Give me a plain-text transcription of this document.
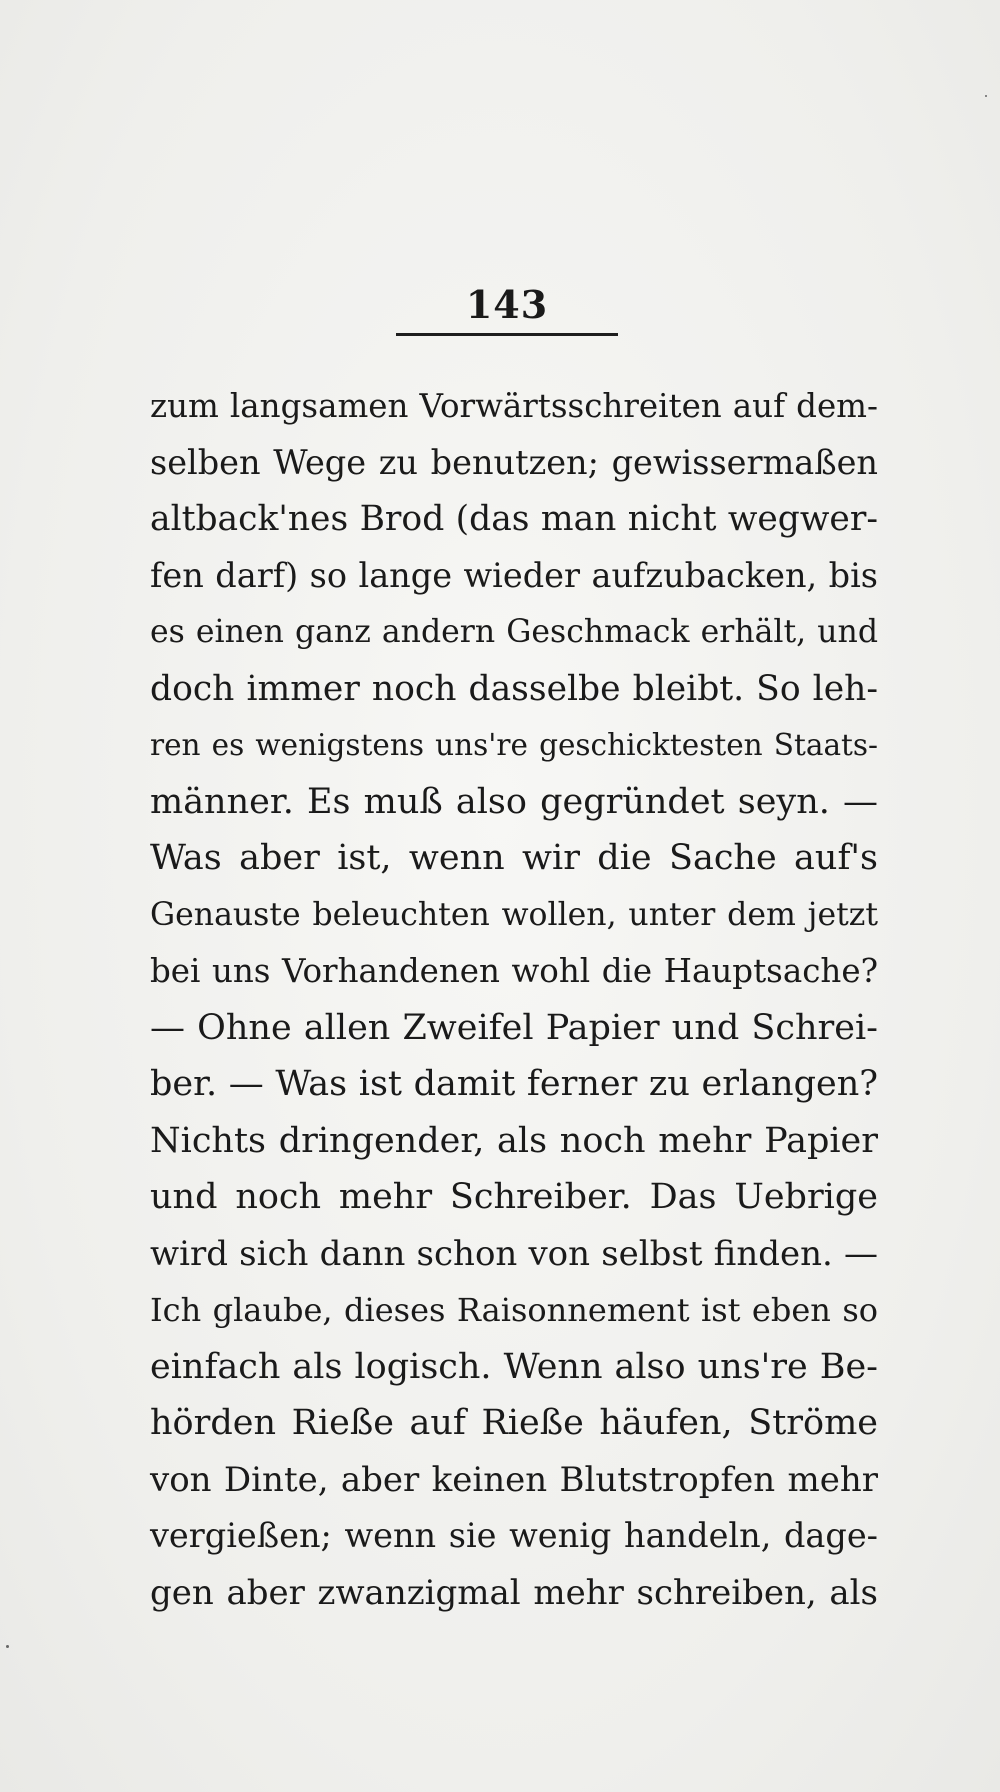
143
zum langsamen Vorwärtsschreiten auf dem-
selben Wege zu benutzen; gewissermaßen
altback'nes Brod (das man nicht wegwer-
fen darf) so lange wieder aufzubacken, bis
es einen ganz andern Geschmack erhält, und
doch immer noch dasselbe bleibt. So leh-
ren es wenigstens uns're geschicktesten Staats-
männer. Es muß also gegründet seyn. —
Was aber ist, wenn wir die Sache auf's
Genauste beleuchten wollen, unter dem jetzt
bei uns Vorhandenen wohl die Hauptsache?
— Ohne allen Zweifel Papier und Schrei-
ber. — Was ist damit ferner zu erlangen?
Nichts dringender, als noch mehr Papier
und noch mehr Schreiber. Das Uebrige
wird sich dann schon von selbst finden. —
Ich glaube, dieses Raisonnement ist eben so
einfach als logisch. Wenn also uns're Be-
hörden Rieße auf Rieße häufen, Ströme
von Dinte, aber keinen Blutstropfen mehr
vergießen; wenn sie wenig handeln, dage-
gen aber zwanzigmal mehr schreiben, als
